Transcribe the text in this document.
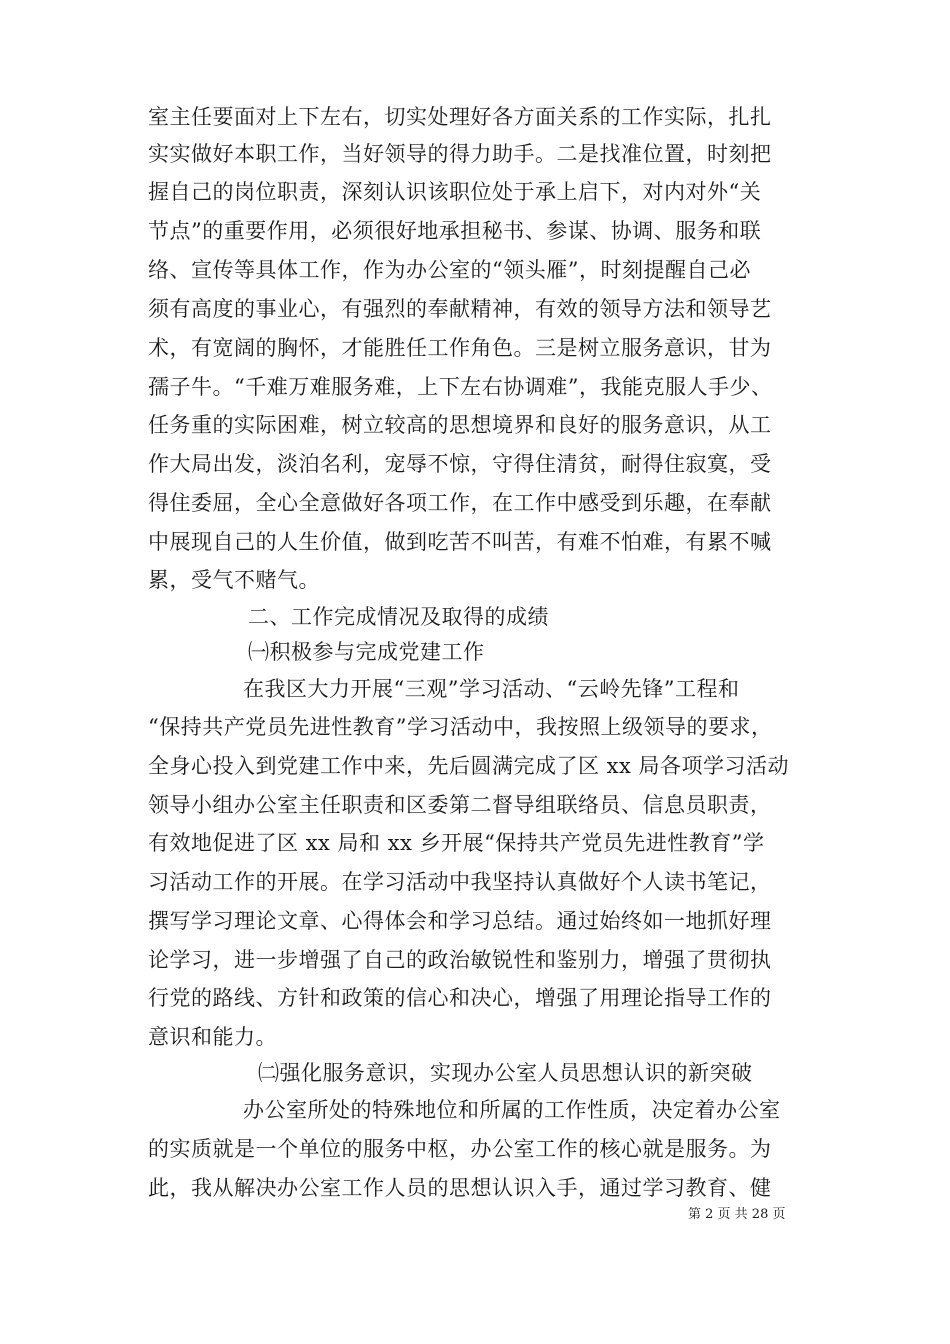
室主任要面对上下左右，切实处理好各方面关系的工作实际，扎扎
实实做好本职工作，当好领导的得力助手。二是找准位置，时刻把
握自己的岗位职责，深刻认识该职位处于承上启下，对内对外“关
节点”的重要作用，必须很好地承担秘书、参谋、协调、服务和联
络、宣传等具体工作，作为办公室的“领头雁”，时刻提醒自己必
须有高度的事业心，有强烈的奉献精神，有效的领导方法和领导艺
术，有宽阔的胸怀，才能胜任工作角色。三是树立服务意识，甘为
孺子牛。“千难万难服务难，上下左右协调难”，我能克服人手少、
任务重的实际困难，树立较高的思想境界和良好的服务意识，从工
作大局出发，淡泊名利，宠辱不惊，守得住清贫，耐得住寂寞，受
得住委屈，全心全意做好各项工作，在工作中感受到乐趣，在奉献
中展现自己的人生价值，做到吃苦不叫苦，有难不怕难，有累不喊
累，受气不赌气。
二、工作完成情况及取得的成绩
㈠积极参与完成党建工作
在我区大力开展“三观”学习活动、“云岭先锋”工程和
“保持共产党员先进性教育”学习活动中，我按照上级领导的要求，
全身心投入到党建工作中来，先后圆满完成了区 xx 局各项学习活动
领导小组办公室主任职责和区委第二督导组联络员、信息员职责，
有效地促进了区 xx 局和 xx 乡开展“保持共产党员先进性教育”学
习活动工作的开展。在学习活动中我坚持认真做好个人读书笔记，
撰写学习理论文章、心得体会和学习总结。通过始终如一地抓好理
论学习，进一步增强了自己的政治敏锐性和鉴别力，增强了贯彻执
行党的路线、方针和政策的信心和决心，增强了用理论指导工作的
意识和能力。
㈡强化服务意识，实现办公室人员思想认识的新突破
办公室所处的特殊地位和所属的工作性质，决定着办公室
的实质就是一个单位的服务中枢，办公室工作的核心就是服务。为
此，我从解决办公室工作人员的思想认识入手，通过学习教育、健
第 2 页 共 28 页
